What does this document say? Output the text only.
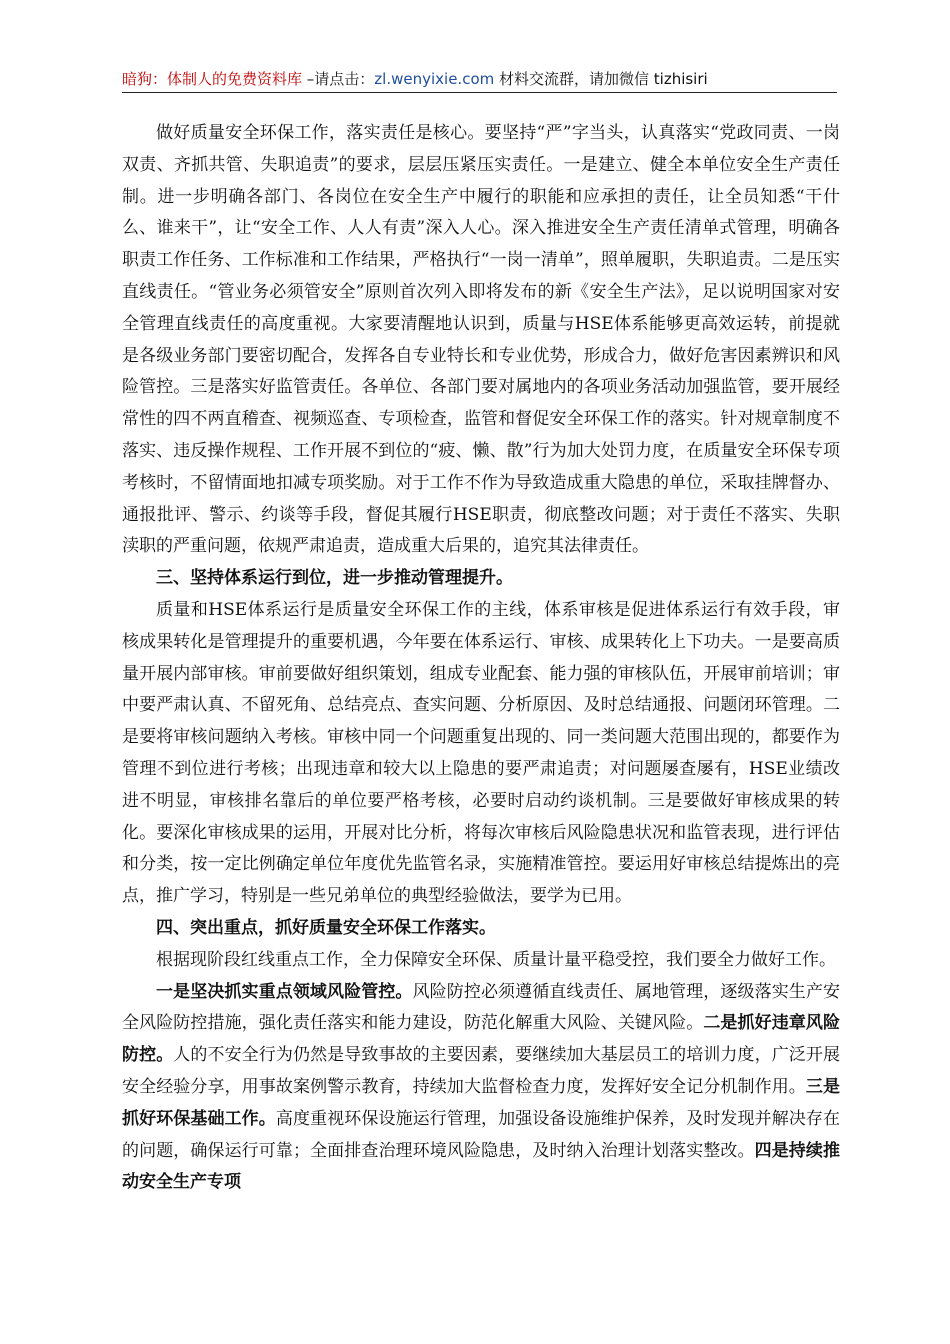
暗狗：体制人的免费资料库 –请点击：zl.wenyixie.com 材料交流群，请加微信 tizhisiri

做好质量安全环保工作，落实责任是核心。要坚持“严”字当头，认真落实“党政同责、一岗双责、齐抓共管、失职追责”的要求，层层压紧压实责任。一是建立、健全本单位安全生产责任制。进一步明确各部门、各岗位在安全生产中履行的职能和应承担的责任，让全员知悉“干什么、谁来干”，让“安全工作、人人有责”深入人心。深入推进安全生产责任清单式管理，明确各职责工作任务、工作标准和工作结果，严格执行“一岗一清单”，照单履职，失职追责。二是压实直线责任。“管业务必须管安全”原则首次列入即将发布的新《安全生产法》，足以说明国家对安全管理直线责任的高度重视。大家要清醒地认识到，质量与HSE体系能够更高效运转，前提就是各级业务部门要密切配合，发挥各自专业特长和专业优势，形成合力，做好危害因素辨识和风险管控。三是落实好监管责任。各单位、各部门要对属地内的各项业务活动加强监管，要开展经常性的四不两直稽查、视频巡查、专项检查，监管和督促安全环保工作的落实。针对规章制度不落实、违反操作规程、工作开展不到位的“疲、懒、散”行为加大处罚力度，在质量安全环保专项考核时，不留情面地扣减专项奖励。对于工作不作为导致造成重大隐患的单位，采取挂牌督办、通报批评、警示、约谈等手段，督促其履行HSE职责，彻底整改问题；对于责任不落实、失职渎职的严重问题，依规严肃追责，造成重大后果的，追究其法律责任。

三、坚持体系运行到位，进一步推动管理提升。

质量和HSE体系运行是质量安全环保工作的主线，体系审核是促进体系运行有效手段，审核成果转化是管理提升的重要机遇，今年要在体系运行、审核、成果转化上下功夫。一是要高质量开展内部审核。审前要做好组织策划，组成专业配套、能力强的审核队伍，开展审前培训；审中要严肃认真、不留死角、总结亮点、查实问题、分析原因、及时总结通报、问题闭环管理。二是要将审核问题纳入考核。审核中同一个问题重复出现的、同一类问题大范围出现的，都要作为管理不到位进行考核；出现违章和较大以上隐患的要严肃追责；对问题屡查屡有，HSE业绩改进不明显，审核排名靠后的单位要严格考核，必要时启动约谈机制。三是要做好审核成果的转化。要深化审核成果的运用，开展对比分析，将每次审核后风险隐患状况和监管表现，进行评估和分类，按一定比例确定单位年度优先监管名录，实施精准管控。要运用好审核总结提炼出的亮点，推广学习，特别是一些兄弟单位的典型经验做法，要学为已用。

四、突出重点，抓好质量安全环保工作落实。

根据现阶段红线重点工作，全力保障安全环保、质量计量平稳受控，我们要全力做好工作。

一是坚决抓实重点领域风险管控。风险防控必须遵循直线责任、属地管理，逐级落实生产安全风险防控措施，强化责任落实和能力建设，防范化解重大风险、关键风险。二是抓好违章风险防控。人的不安全行为仍然是导致事故的主要因素，要继续加大基层员工的培训力度，广泛开展安全经验分享，用事故案例警示教育，持续加大监督检查力度，发挥好安全记分机制作用。三是抓好环保基础工作。高度重视环保设施运行管理，加强设备设施维护保养，及时发现并解决存在的问题，确保运行可靠；全面排查治理环境风险隐患，及时纳入治理计划落实整改。四是持续推动安全生产专项
